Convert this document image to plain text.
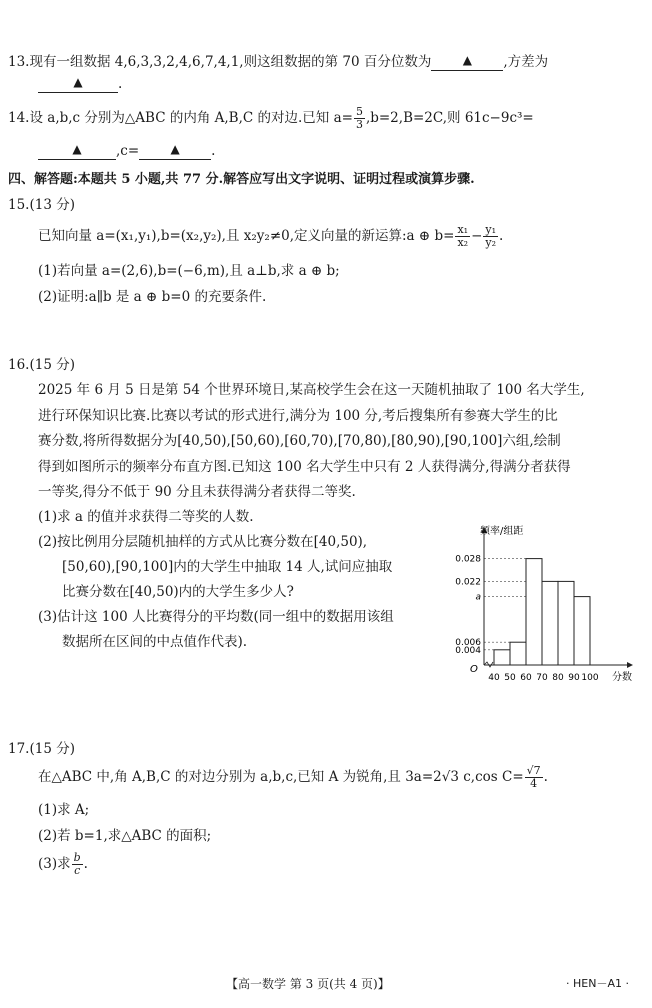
13.现有一组数据 4,6,3,3,2,4,6,7,4,1,则这组数据的第 70 百分位数为	▲ ,方差为
▲	.
14.设 a,b,c 分别为△ABC 的内角 A,B,C 的对边.已知 $a= \frac{5}{3} ,b=2,B=2C$,则 61c−9c³=
▲	,c=	▲ .
四、解答题:本题共 5 小题,共 77 分.解答应写出文字说明、证明过程或演算步骤.
15.(13 分)
已知向量 a=(x₁,y₁),b=(x₂,y₂),且 x₂y₂≠0,定义向量的新运算:a ⊕ $b= \frac{\text{x₁}}{\text{x₂}} - \frac{\text{y₁}}{\text{y₂}}$ .
(1)若向量 a=(2,6),b=(−6,m),且 a⊥b,求 a ⊕ b;
(2)证明:a∥b 是 a ⊕ b=0 的充要条件.
16.(15 分)
2025 年 6 月 5 日是第 54 个世界环境日,某高校学生会在这一天随机抽取了 100 名大学生,
进行环保知识比赛.比赛以考试的形式进行,满分为 100 分,考后搜集所有参赛大学生的比
赛分数,将所得数据分为[40,50),[50,60),[60,70),[70,80),[80,90),[90,100]六组,绘制
得到如图所示的频率分布直方图.已知这 100 名大学生中只有 2 人获得满分,得满分者获得
一等奖,得分不低于 90 分且未获得满分者获得二等奖.
(1)求 a 的值并求获得二等奖的人数.
(2)按比例用分层随机抽样的方式从比赛分数在[40,50),
[50,60),[90,100]内的大学生中抽取 14 人,试问应抽取
比赛分数在[40,50)内的大学生多少人?
(3)估计这 100 人比赛得分的平均数(同一组中的数据用该组
数据所在区间的中点值作代表).
频率/组距
分数
O
40 50 60 70 80 90 100
0.004
0.006
0.028
0.022
a
17.(15 分)
在△ABC 中,角 A,B,C 的对边分别为 a,b,c,已知 A 为锐角,且 3a=2√3 c,cos $C= \frac{√7}{4}$ .
(1)求 A;
(2)若 b=1,求△ABC 的面积;
(3)求 $\frac{b}{c}$ .
【高一数学 第 3 页(共 4 页)】	· HEN－A1 ·
